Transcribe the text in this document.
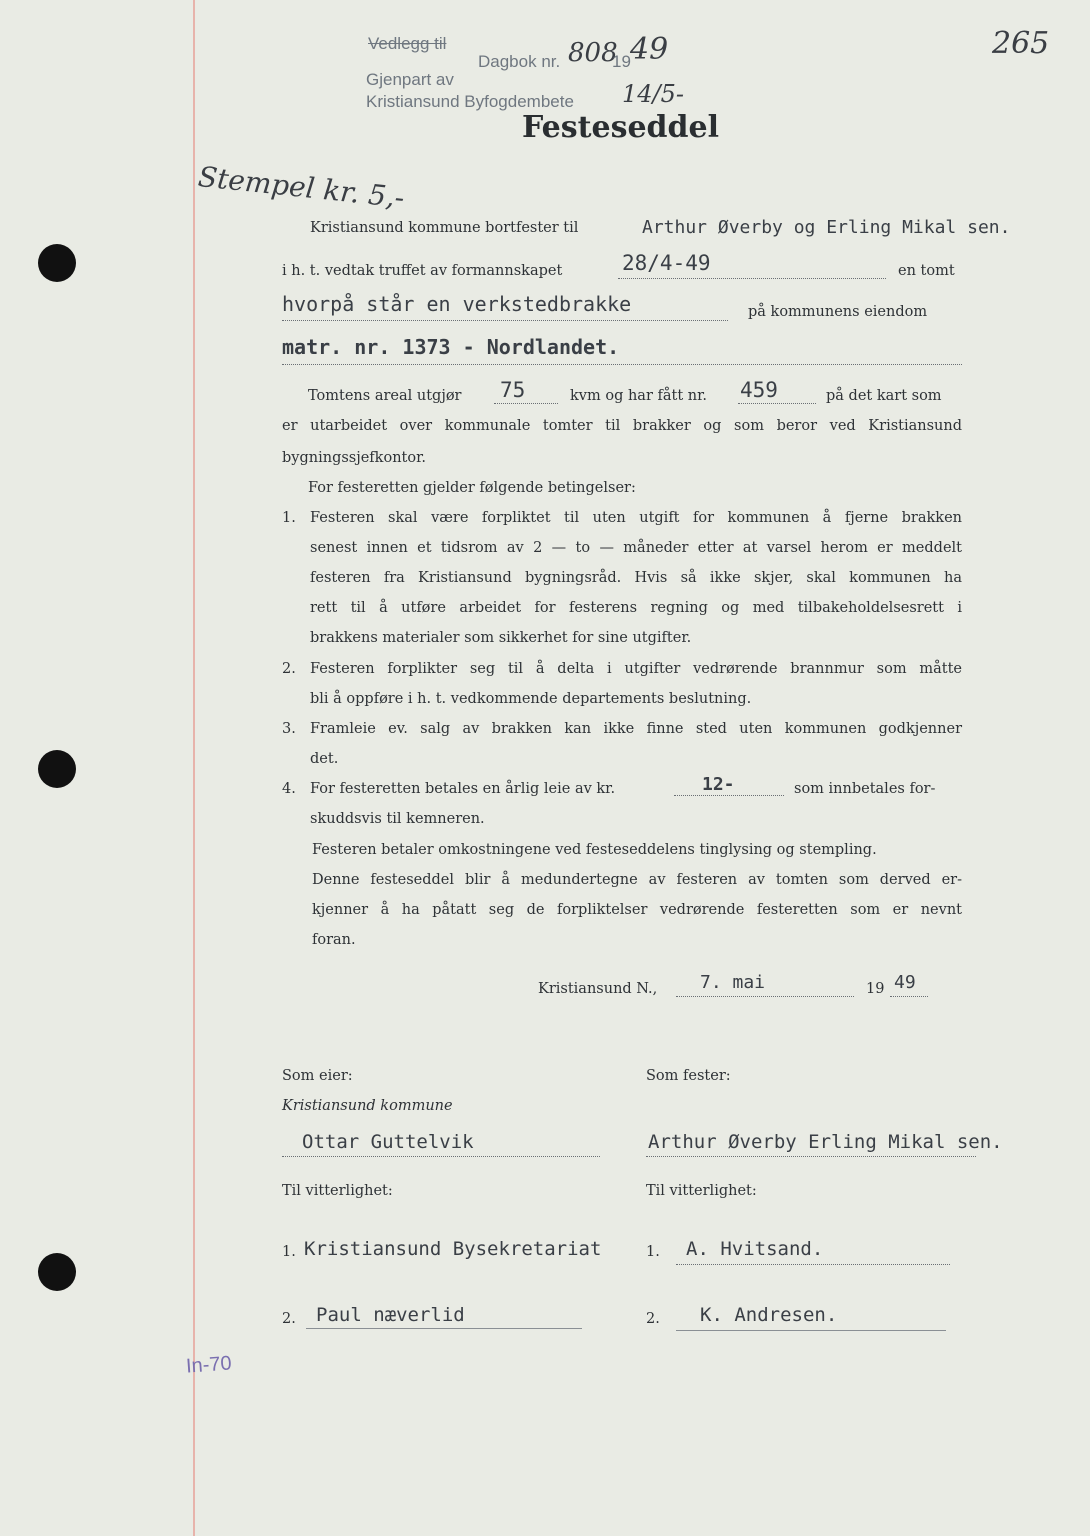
Vedlegg til
Dagbok nr. 808
19 49
Gjenpart av
Kristiansund Byfogdembete 14/5-
265
Festeseddel
Stempel kr. 5,-
Kristiansund kommune bortfester til	Arthur Øverby og Erling Mikal sen.
i h. t. vedtak truffet av formannskapet	28/4-49	en tomt
hvorpå står en verkstedbrakke	på kommunens eiendom
matr. nr. 1373 - Nordlandet.
Tomtens areal utgjør 75	kvm og har fått nr. 459	på det kart som
er utarbeidet over kommunale tomter til brakker og som beror ved Kristiansund
bygningssjefkontor.
For festeretten gjelder følgende betingelser:
1. Festeren skal være forpliktet til uten utgift for kommunen å fjerne brakken
senest innen et tidsrom av 2 — to — måneder etter at varsel herom er meddelt
festeren fra Kristiansund bygningsråd. Hvis så ikke skjer, skal kommunen ha
rett til å utføre arbeidet for festerens regning og med tilbakeholdelsesrett i
brakkens materialer som sikkerhet for sine utgifter.
2. Festeren forplikter seg til å delta i utgifter vedrørende brannmur som måtte
bli å oppføre i h. t. vedkommende departements beslutning.
3. Framleie ev. salg av brakken kan ikke finne sted uten kommunen godkjenner
det.
4. For festeretten betales en årlig leie av kr.	12-	som innbetales for-
skuddsvis til kemneren.
Festeren betaler omkostningene ved festeseddelens tinglysing og stempling.
Denne festeseddel blir å medundertegne av festeren av tomten som derved er-
kjenner å ha påtatt seg de forpliktelser vedrørende festeretten som er nevnt
foran.
Kristiansund N., 7. mai	19 49
Som eier:
Kristiansund kommune
Ottar Guttelvik
Som fester:
Arthur Øverby Erling Mikal sen.
Til vitterlighet:	Til vitterlighet:
1. Kristiansund Bysekretariat	1. A. Hvitsand.
2. Paul næverlid	2. K. Andresen.
In-70
